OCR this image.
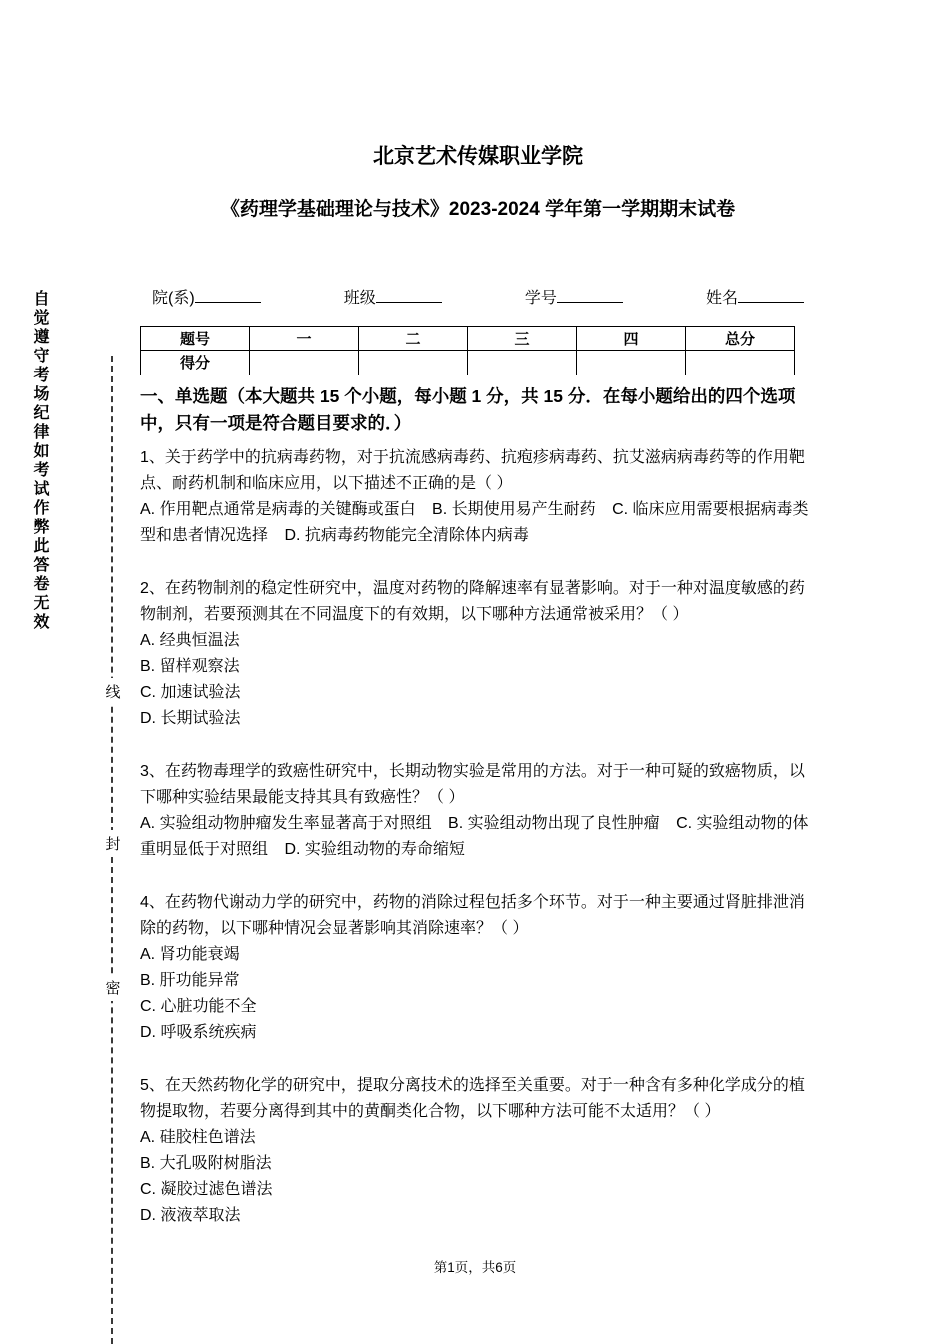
自觉遵守考场纪律如考试作弊此答卷无效
线
封
密
北京艺术传媒职业学院
《药理学基础理论与技术》2023-2024 学年第一学期期末试卷
院(系)	班级	学号	姓名
题号	一	二	三	四	总分
得分					
一、单选题（本大题共 15 个小题，每小题 1 分，共 15 分．在每小题给出的四个选项中，只有一项是符合题目要求的．）

1、关于药学中的抗病毒药物，对于抗流感病毒药、抗疱疹病毒药、抗艾滋病病毒药等的作用靶点、耐药机制和临床应用，以下描述不正确的是（ ）

A. 作用靶点通常是病毒的关键酶或蛋白 B. 长期使用易产生耐药 C. 临床应用需要根据病毒类型和患者情况选择 D. 抗病毒药物能完全清除体内病毒

2、在药物制剂的稳定性研究中，温度对药物的降解速率有显著影响。对于一种对温度敏感的药物制剂，若要预测其在不同温度下的有效期，以下哪种方法通常被采用？（ ）

A. 经典恒温法
B. 留样观察法
C. 加速试验法
D. 长期试验法

3、在药物毒理学的致癌性研究中，长期动物实验是常用的方法。对于一种可疑的致癌物质，以下哪种实验结果最能支持其具有致癌性？（ ）

A. 实验组动物肿瘤发生率显著高于对照组 B. 实验组动物出现了良性肿瘤 C. 实验组动物的体重明显低于对照组 D. 实验组动物的寿命缩短

4、在药物代谢动力学的研究中，药物的消除过程包括多个环节。对于一种主要通过肾脏排泄消除的药物，以下哪种情况会显著影响其消除速率？（ ）

A. 肾功能衰竭
B. 肝功能异常
C. 心脏功能不全
D. 呼吸系统疾病

5、在天然药物化学的研究中，提取分离技术的选择至关重要。对于一种含有多种化学成分的植物提取物，若要分离得到其中的黄酮类化合物，以下哪种方法可能不太适用？（ ）

A. 硅胶柱色谱法
B. 大孔吸附树脂法
C. 凝胶过滤色谱法
D. 液液萃取法
第1页，共6页
